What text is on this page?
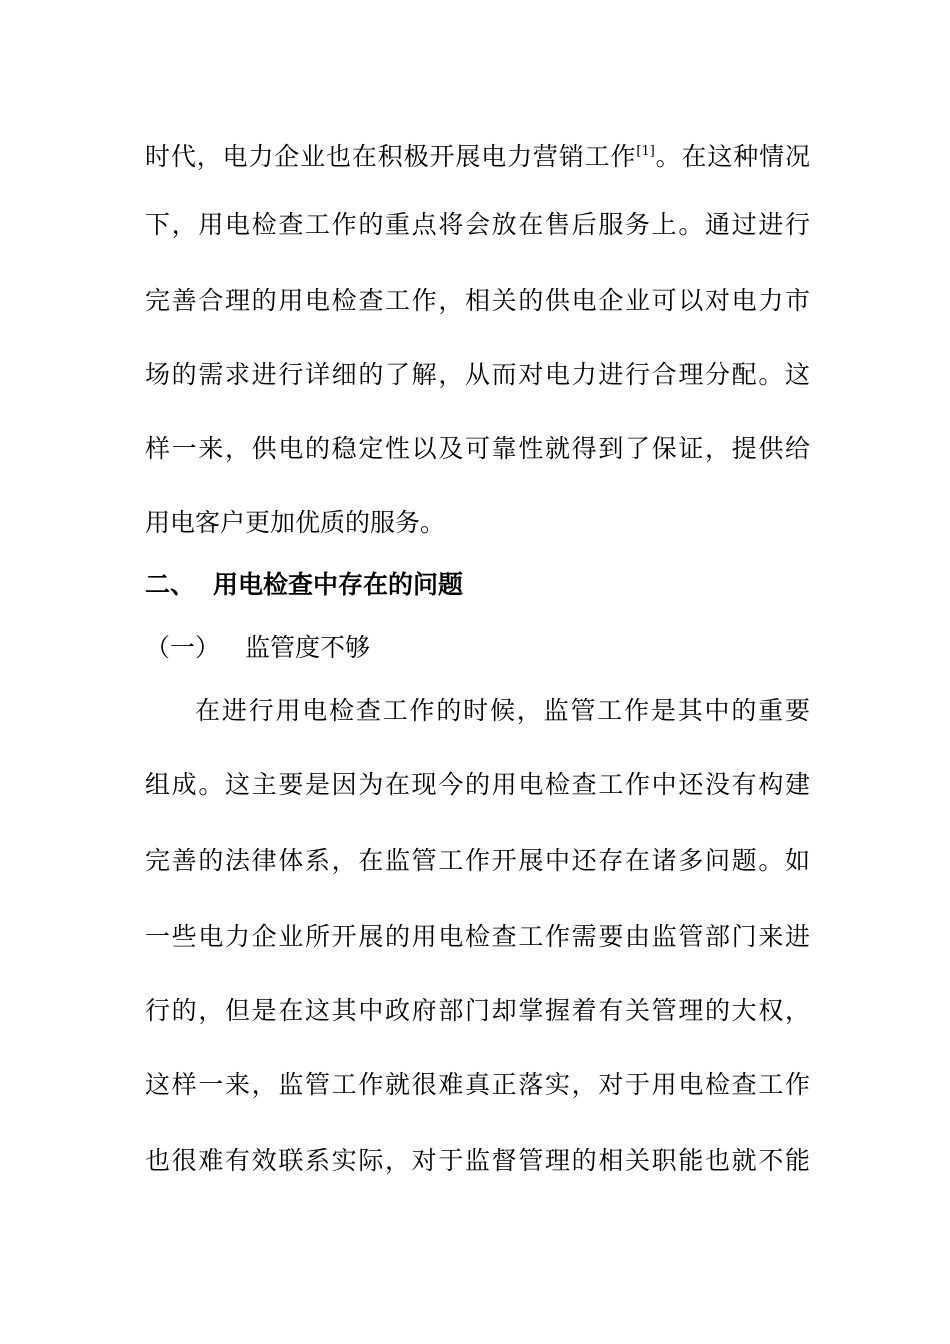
时代，电力企业也在积极开展电力营销工作[1]。在这种情况
下，用电检查工作的重点将会放在售后服务上。通过进行
完善合理的用电检查工作，相关的供电企业可以对电力市
场的需求进行详细的了解，从而对电力进行合理分配。这
样一来，供电的稳定性以及可靠性就得到了保证，提供给
用电客户更加优质的服务。
二、 用电检查中存在的问题
（一） 监管度不够
在进行用电检查工作的时候，监管工作是其中的重要
组成。这主要是因为在现今的用电检查工作中还没有构建
完善的法律体系，在监管工作开展中还存在诸多问题。如
一些电力企业所开展的用电检查工作需要由监管部门来进
行的，但是在这其中政府部门却掌握着有关管理的大权，
这样一来，监管工作就很难真正落实，对于用电检查工作
也很难有效联系实际，对于监督管理的相关职能也就不能
